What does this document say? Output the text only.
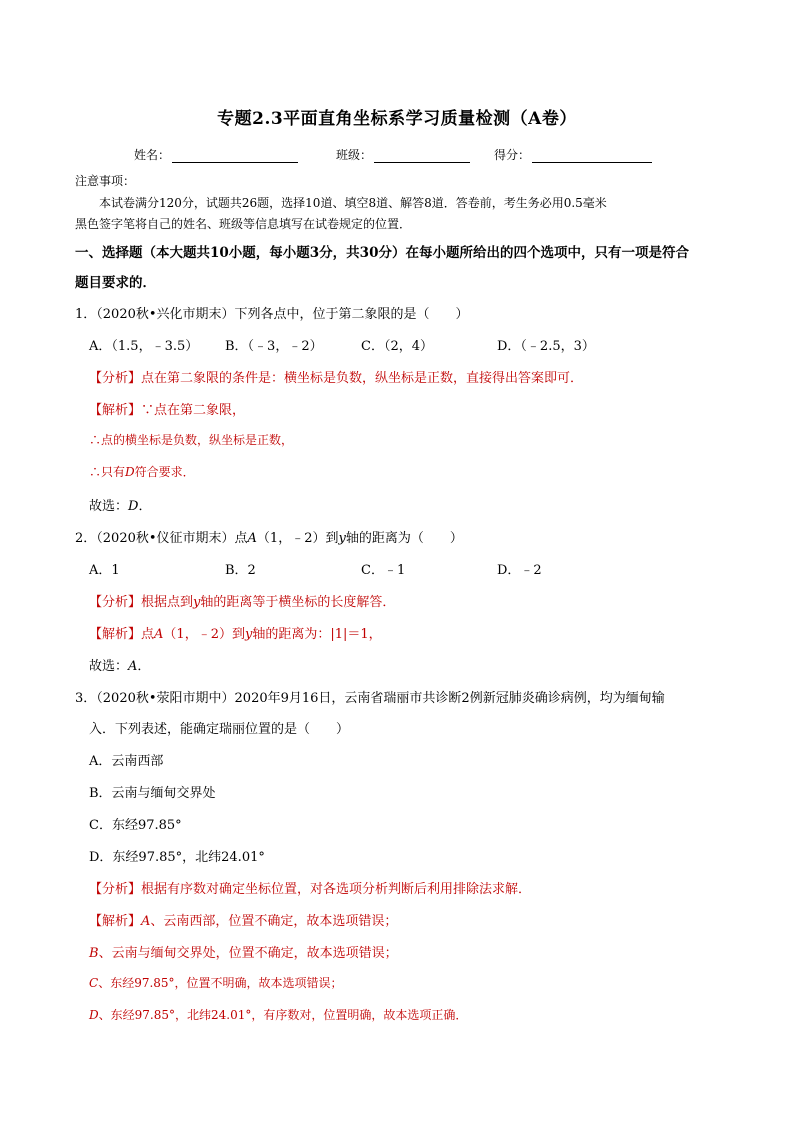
专题2.3平面直角坐标系学习质量检测（A卷）
姓名：	班级：	得分：
注意事项：
本试卷满分120分，试题共26题，选择10道、填空8道、解答8道．答卷前，考生务必用0.5毫米
黑色签字笔将自己的姓名、班级等信息填写在试卷规定的位置．
一、选择题（本大题共10小题，每小题3分，共30分）在每小题所给出的四个选项中，只有一项是符合
题目要求的．
1．（2020秋•兴化市期末）下列各点中，位于第二象限的是（　　）
A．（1.5，﹣3.5）	B．（﹣3，﹣2）	C．（2，4）	D．（﹣2.5，3）
【分析】点在第二象限的条件是：横坐标是负数，纵坐标是正数，直接得出答案即可．
【解析】∵点在第二象限，
∴点的横坐标是负数，纵坐标是正数，
∴只有D符合要求．
故选：D．
2．（2020秋•仪征市期末）点A（1，﹣2）到y轴的距离为（　　）
A．1	B．2	C．﹣1	D．﹣2
【分析】根据点到y轴的距离等于横坐标的长度解答．
【解析】点A（1，﹣2）到y轴的距离为：|1|＝1，
故选：A．
3．（2020秋•荥阳市期中）2020年9月16日，云南省瑞丽市共诊断2例新冠肺炎确诊病例，均为缅甸输
入．下列表述，能确定瑞丽位置的是（　　）
A．云南西部
B．云南与缅甸交界处
C．东经97.85°
D．东经97.85°，北纬24.01°
【分析】根据有序数对确定坐标位置，对各选项分析判断后利用排除法求解．
【解析】A、云南西部，位置不确定，故本选项错误；
B、云南与缅甸交界处，位置不确定，故本选项错误；
C、东经97.85°，位置不明确，故本选项错误；
D、东经97.85°，北纬24.01°，有序数对，位置明确，故本选项正确．
